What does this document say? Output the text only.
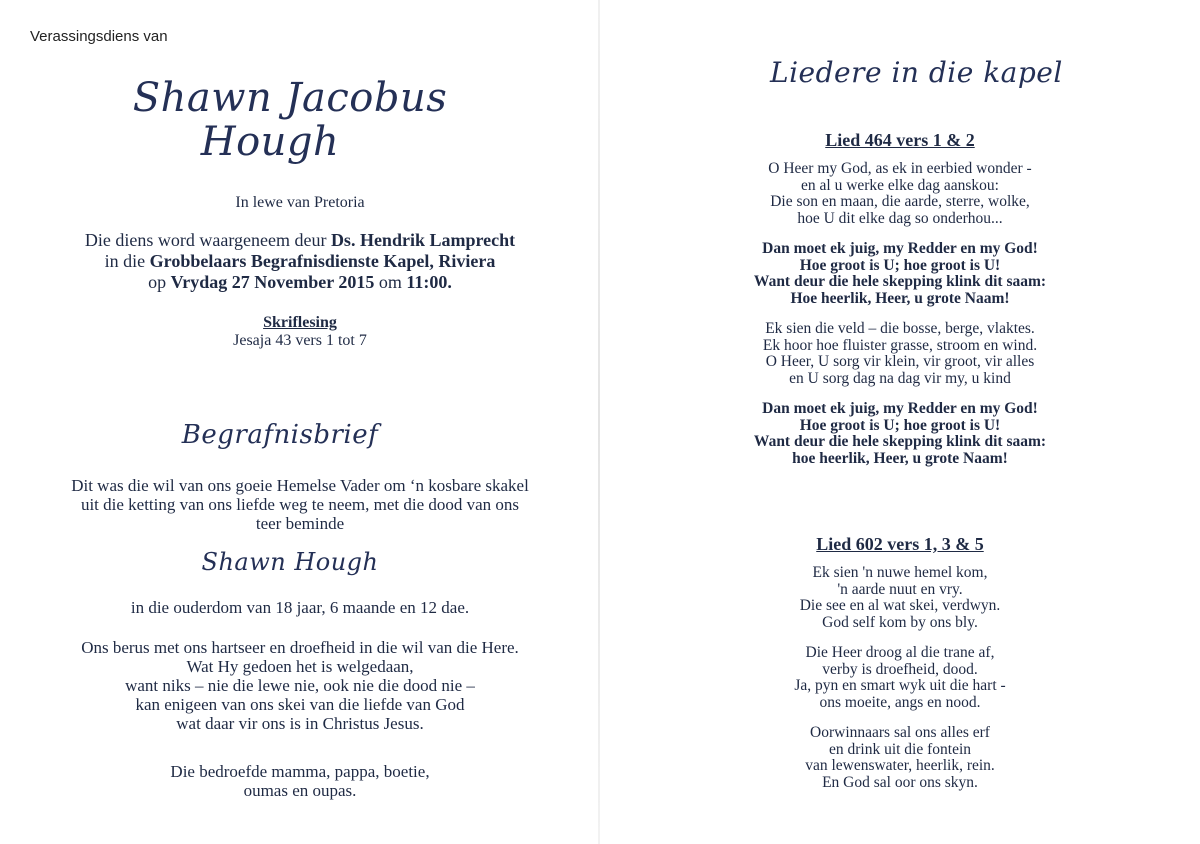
Verassingsdiens van
Shawn Jacobus
Hough
In lewe van Pretoria
Die diens word waargeneem deur Ds. Hendrik Lamprecht
in die Grobbelaars Begrafnisdienste Kapel, Riviera
op Vrydag 27 November 2015 om 11:00.
Skriflesing
Jesaja 43 vers 1 tot 7
Begrafnisbrief
Dit was die wil van ons goeie Hemelse Vader om ‘n kosbare skakel
uit die ketting van ons liefde weg te neem, met die dood van ons
teer beminde
Shawn Hough
in die ouderdom van 18 jaar, 6 maande en 12 dae.
Ons berus met ons hartseer en droefheid in die wil van die Here.
Wat Hy gedoen het is welgedaan,
want niks – nie die lewe nie, ook nie die dood nie –
kan enigeen van ons skei van die liefde van God
wat daar vir ons is in Christus Jesus.
Die bedroefde mamma, pappa, boetie,
oumas en oupas.
Liedere in die kapel
Lied 464 vers 1 & 2
O Heer my God, as ek in eerbied wonder -
en al u werke elke dag aanskou:
Die son en maan, die aarde, sterre, wolke,
hoe U dit elke dag so onderhou...
Dan moet ek juig, my Redder en my God!
Hoe groot is U; hoe groot is U!
Want deur die hele skepping klink dit saam:
Hoe heerlik, Heer, u grote Naam!
Ek sien die veld – die bosse, berge, vlaktes.
Ek hoor hoe fluister grasse, stroom en wind.
O Heer, U sorg vir klein, vir groot, vir alles
en U sorg dag na dag vir my, u kind
Dan moet ek juig, my Redder en my God!
Hoe groot is U; hoe groot is U!
Want deur die hele skepping klink dit saam:
hoe heerlik, Heer, u grote Naam!
Lied 602 vers 1, 3 & 5
Ek sien 'n nuwe hemel kom,
'n aarde nuut en vry.
Die see en al wat skei, verdwyn.
God self kom by ons bly.
Die Heer droog al die trane af,
verby is droefheid, dood.
Ja, pyn en smart wyk uit die hart -
ons moeite, angs en nood.
Oorwinnaars sal ons alles erf
en drink uit die fontein
van lewenswater, heerlik, rein.
En God sal oor ons skyn.
